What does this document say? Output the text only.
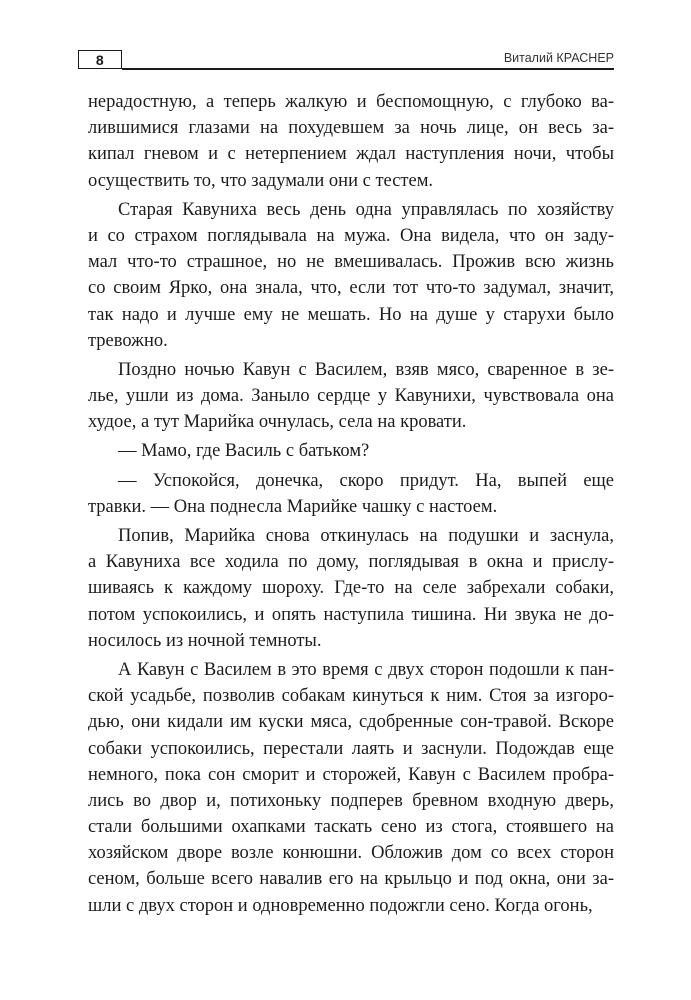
8	Виталий КРАСНЕР
нерадостную, а теперь жалкую и беспомощную, с глубоко ва-
лившимися глазами на похудевшем за ночь лице, он весь за-
кипал гневом и с нетерпением ждал наступления ночи, чтобы
осуществить то, что задумали они с тестем.
Старая Кавуниха весь день одна управлялась по хозяйству
и со страхом поглядывала на мужа. Она видела, что он заду-
мал что-то страшное, но не вмешивалась. Прожив всю жизнь
со своим Ярко, она знала, что, если тот что-то задумал, значит,
так надо и лучше ему не мешать. Но на душе у старухи было
тревожно.
Поздно ночью Кавун с Василем, взяв мясо, сваренное в зе-
лье, ушли из дома. Заныло сердце у Кавунихи, чувствовала она
худое, а тут Марийка очнулась, села на кровати.
— Мамо, где Василь с батьком?
— Успокойся, донечка, скоро придут. На, выпей еще
травки. — Она поднесла Марийке чашку с настоем.
Попив, Марийка снова откинулась на подушки и заснула,
а Кавуниха все ходила по дому, поглядывая в окна и прислу-
шиваясь к каждому шороху. Где-то на селе забрехали собаки,
потом успокоились, и опять наступила тишина. Ни звука не до-
носилось из ночной темноты.
А Кавун с Василем в это время с двух сторон подошли к пан-
ской усадьбе, позволив собакам кинуться к ним. Стоя за изгоро-
дью, они кидали им куски мяса, сдобренные сон-травой. Вскоре
собаки успокоились, перестали лаять и заснули. Подождав еще
немного, пока сон сморит и сторожей, Кавун с Василем пробра-
лись во двор и, потихоньку подперев бревном входную дверь,
стали большими охапками таскать сено из стога, стоявшего на
хозяйском дворе возле конюшни. Обложив дом со всех сторон
сеном, больше всего навалив его на крыльцо и под окна, они за-
шли с двух сторон и одновременно подожгли сено. Когда огонь,
